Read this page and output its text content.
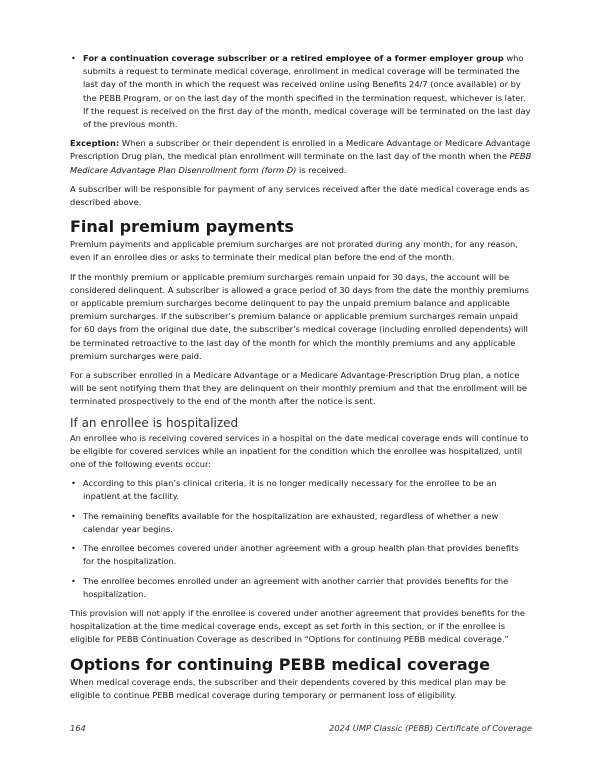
• For a continuation coverage subscriber or a retired employee of a former employer group who submits a request to terminate medical coverage, enrollment in medical coverage will be terminated the last day of the month in which the request was received online using Benefits 24/7 (once available) or by the PEBB Program, or on the last day of the month specified in the termination request, whichever is later. If the request is received on the first day of the month, medical coverage will be terminated on the last day of the previous month.

Exception: When a subscriber or their dependent is enrolled in a Medicare Advantage or Medicare Advantage Prescription Drug plan, the medical plan enrollment will terminate on the last day of the month when the PEBB Medicare Advantage Plan Disenrollment form (form D) is received.

A subscriber will be responsible for payment of any services received after the date medical coverage ends as described above.

Final premium payments

Premium payments and applicable premium surcharges are not prorated during any month, for any reason, even if an enrollee dies or asks to terminate their medical plan before the end of the month.

If the monthly premium or applicable premium surcharges remain unpaid for 30 days, the account will be considered delinquent. A subscriber is allowed a grace period of 30 days from the date the monthly premiums or applicable premium surcharges become delinquent to pay the unpaid premium balance and applicable premium surcharges. If the subscriber’s premium balance or applicable premium surcharges remain unpaid for 60 days from the original due date, the subscriber’s medical coverage (including enrolled dependents) will be terminated retroactive to the last day of the month for which the monthly premiums and any applicable premium surcharges were paid.

For a subscriber enrolled in a Medicare Advantage or a Medicare Advantage-Prescription Drug plan, a notice will be sent notifying them that they are delinquent on their monthly premium and that the enrollment will be terminated prospectively to the end of the month after the notice is sent.

If an enrollee is hospitalized

An enrollee who is receiving covered services in a hospital on the date medical coverage ends will continue to be eligible for covered services while an inpatient for the condition which the enrollee was hospitalized, until one of the following events occur:

• According to this plan’s clinical criteria, it is no longer medically necessary for the enrollee to be an inpatient at the facility.
• The remaining benefits available for the hospitalization are exhausted, regardless of whether a new calendar year begins.
• The enrollee becomes covered under another agreement with a group health plan that provides benefits for the hospitalization.
• The enrollee becomes enrolled under an agreement with another carrier that provides benefits for the hospitalization.

This provision will not apply if the enrollee is covered under another agreement that provides benefits for the hospitalization at the time medical coverage ends, except as set forth in this section, or if the enrollee is eligible for PEBB Continuation Coverage as described in “Options for continuing PEBB medical coverage.”

Options for continuing PEBB medical coverage

When medical coverage ends, the subscriber and their dependents covered by this medical plan may be eligible to continue PEBB medical coverage during temporary or permanent loss of eligibility.

164	2024 UMP Classic (PEBB) Certificate of Coverage
